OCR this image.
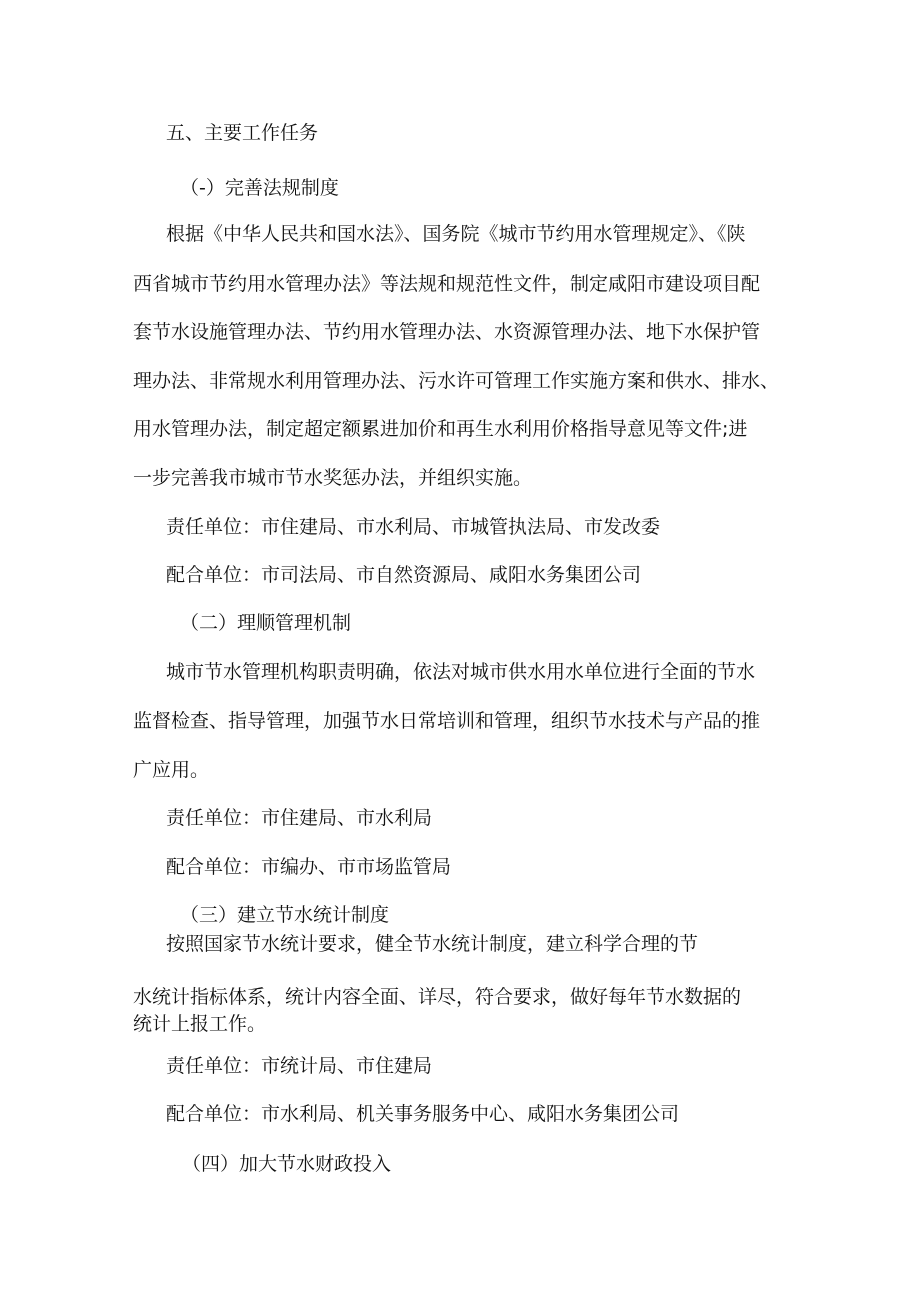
五、主要工作任务

（-）完善法规制度

根据《中华人民共和国水法》、国务院《城市节约用水管理规定》、《陕

西省城市节约用水管理办法》等法规和规范性文件，制定咸阳市建设项目配

套节水设施管理办法、节约用水管理办法、水资源管理办法、地下水保护管

理办法、非常规水利用管理办法、污水许可管理工作实施方案和供水、排水、

用水管理办法，制定超定额累进加价和再生水利用价格指导意见等文件;进

一步完善我市城市节水奖惩办法，并组织实施。

责任单位：市住建局、市水利局、市城管执法局、市发改委

配合单位：市司法局、市自然资源局、咸阳水务集团公司

（二）理顺管理机制

城市节水管理机构职责明确，依法对城市供水用水单位进行全面的节水

监督检查、指导管理，加强节水日常培训和管理，组织节水技术与产品的推

广应用。

责任单位：市住建局、市水利局

配合单位：市编办、市市场监管局

（三）建立节水统计制度

按照国家节水统计要求，健全节水统计制度，建立科学合理的节

水统计指标体系，统计内容全面、详尽，符合要求，做好每年节水数据的

统计上报工作。

责任单位：市统计局、市住建局

配合单位：市水利局、机关事务服务中心、咸阳水务集团公司

（四）加大节水财政投入
